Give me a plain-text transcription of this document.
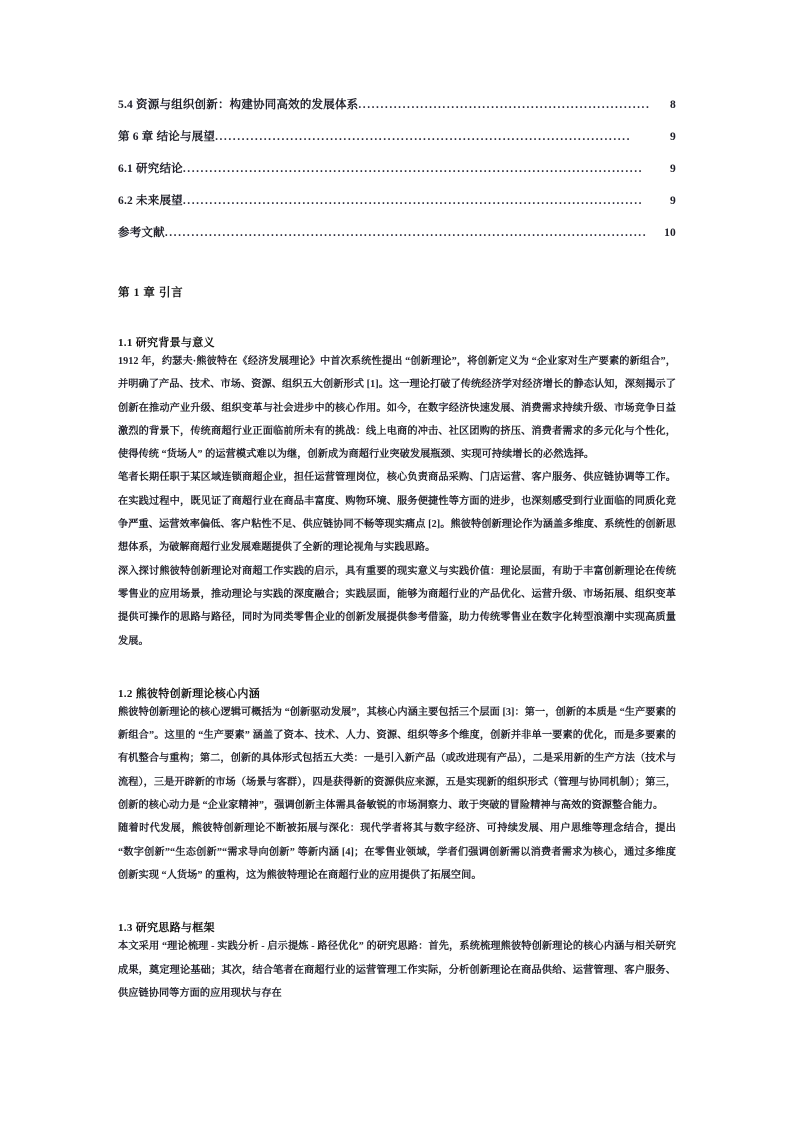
5.4 资源与组织创新：构建协同高效的发展体系 ..................................................................	8
第 6 章 结论与展望 ..............................................................................................	9
6.1 研究结论 ........................................................................................................	9
6.2 未来展望 ........................................................................................................	9
参考文献 .............................................................................................................	10
第 1 章 引言
1.1 研究背景与意义

1912 年，约瑟夫·熊彼特在《经济发展理论》中首次系统性提出 “创新理论”，将创新定义为 “企业家对生产要素的新组合”，并明确了产品、技术、市场、资源、组织五大创新形式 [1]。这一理论打破了传统经济学对经济增长的静态认知，深刻揭示了创新在推动产业升级、组织变革与社会进步中的核心作用。如今，在数字经济快速发展、消费需求持续升级、市场竞争日益激烈的背景下，传统商超行业正面临前所未有的挑战：线上电商的冲击、社区团购的挤压、消费者需求的多元化与个性化，使得传统 “货场人” 的运营模式难以为继，创新成为商超行业突破发展瓶颈、实现可持续增长的必然选择。

笔者长期任职于某区域连锁商超企业，担任运营管理岗位，核心负责商品采购、门店运营、客户服务、供应链协调等工作。在实践过程中，既见证了商超行业在商品丰富度、购物环境、服务便捷性等方面的进步，也深刻感受到行业面临的同质化竞争严重、运营效率偏低、客户粘性不足、供应链协同不畅等现实痛点 [2]。熊彼特创新理论作为涵盖多维度、系统性的创新思想体系，为破解商超行业发展难题提供了全新的理论视角与实践思路。

深入探讨熊彼特创新理论对商超工作实践的启示，具有重要的现实意义与实践价值：理论层面，有助于丰富创新理论在传统零售业的应用场景，推动理论与实践的深度融合；实践层面，能够为商超行业的产品优化、运营升级、市场拓展、组织变革提供可操作的思路与路径，同时为同类零售企业的创新发展提供参考借鉴，助力传统零售业在数字化转型浪潮中实现高质量发展。

1.2 熊彼特创新理论核心内涵

熊彼特创新理论的核心逻辑可概括为 “创新驱动发展”，其核心内涵主要包括三个层面 [3]：第一，创新的本质是 “生产要素的新组合”。这里的 “生产要素” 涵盖了资本、技术、人力、资源、组织等多个维度，创新并非单一要素的优化，而是多要素的有机整合与重构；第二，创新的具体形式包括五大类：一是引入新产品（或改进现有产品），二是采用新的生产方法（技术与流程），三是开辟新的市场（场景与客群），四是获得新的资源供应来源，五是实现新的组织形式（管理与协同机制）；第三，创新的核心动力是 “企业家精神”，强调创新主体需具备敏锐的市场洞察力、敢于突破的冒险精神与高效的资源整合能力。

随着时代发展，熊彼特创新理论不断被拓展与深化：现代学者将其与数字经济、可持续发展、用户思维等理念结合，提出 “数字创新”“生态创新”“需求导向创新” 等新内涵 [4]；在零售业领域，学者们强调创新需以消费者需求为核心，通过多维度创新实现 “人货场” 的重构，这为熊彼特理论在商超行业的应用提供了拓展空间。

1.3 研究思路与框架

本文采用 “理论梳理 - 实践分析 - 启示提炼 - 路径优化” 的研究思路：首先，系统梳理熊彼特创新理论的核心内涵与相关研究成果，奠定理论基础；其次，结合笔者在商超行业的运营管理工作实际，分析创新理论在商品供给、运营管理、客户服务、供应链协同等方面的应用现状与存在
